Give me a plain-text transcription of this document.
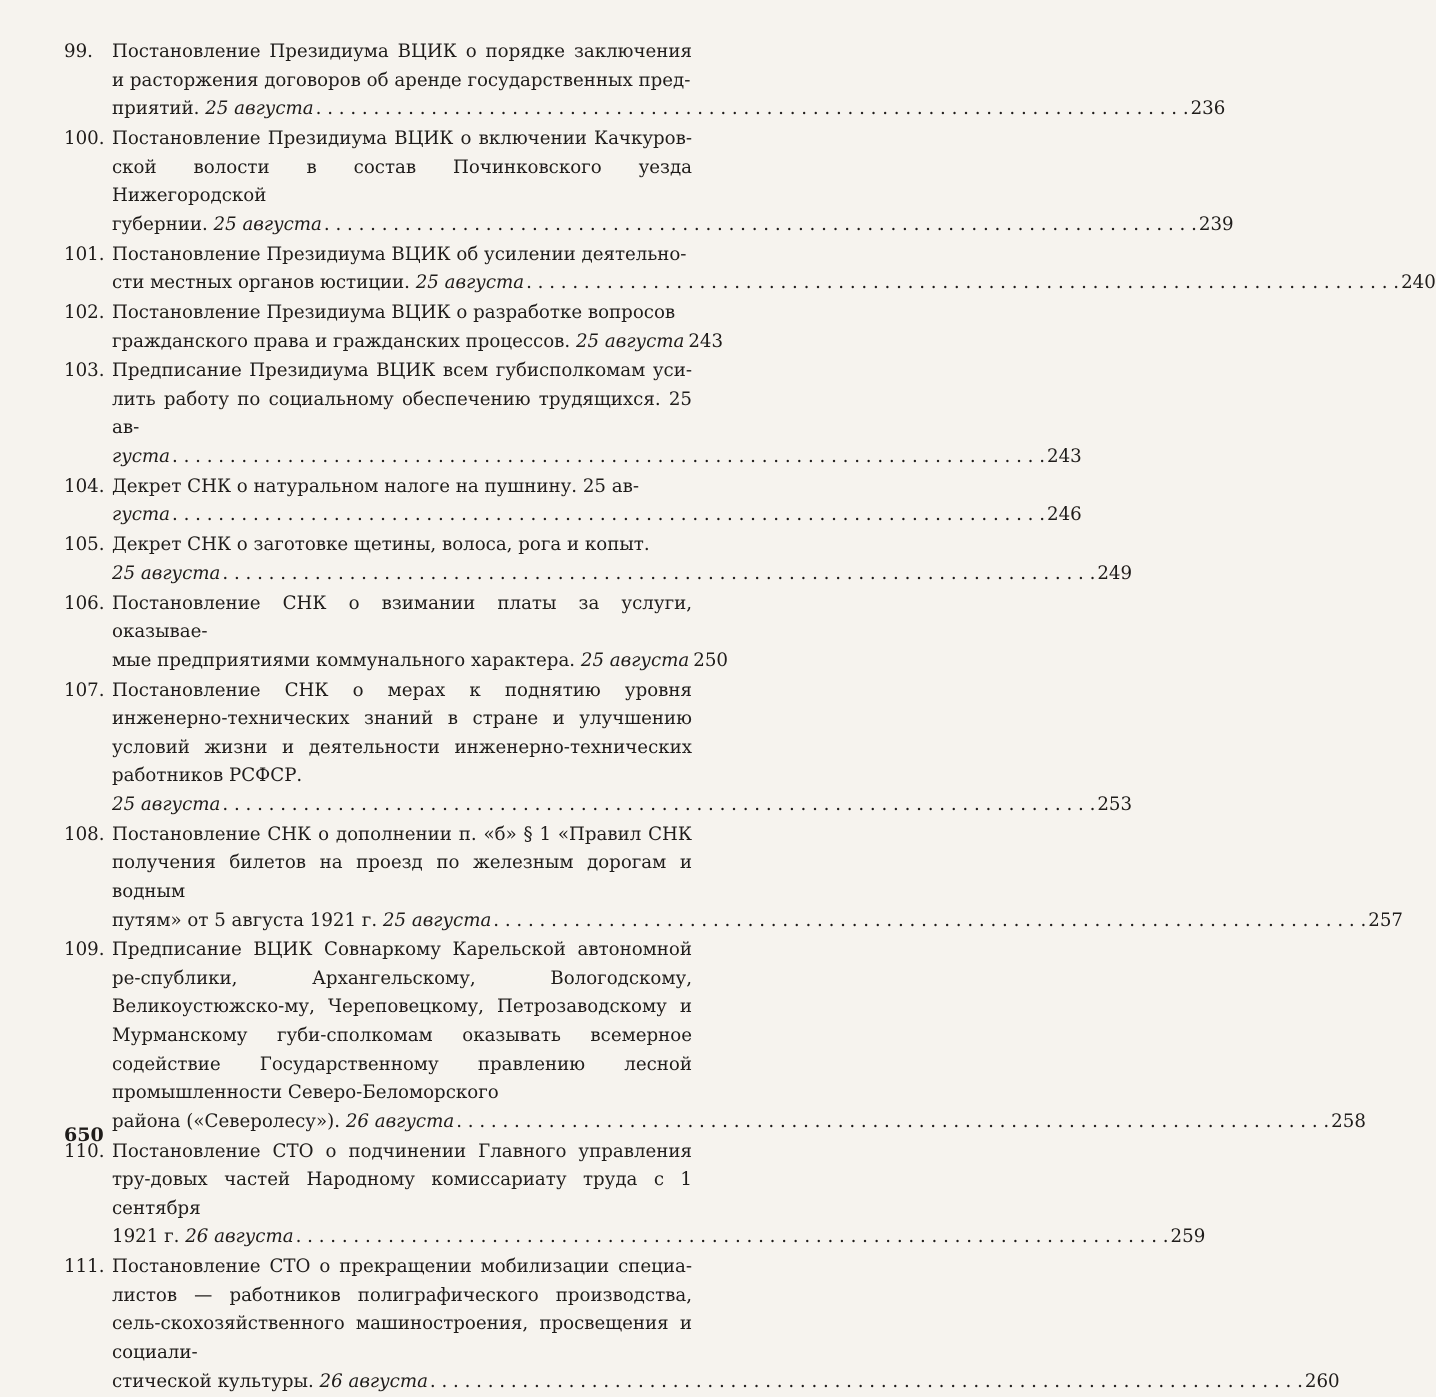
99.	Постановление Президиума ВЦИК о порядке заключения и расторжения договоров об аренде государственных пред-
приятий. 25 августа . . .	236
100. Постановление Президиума ВЦИК о включении Качкуров-ской волости в состав Починковского уезда Нижегородской
губернии. 25 августа . . .	239
101. Постановление Президиума ВЦИК об усилении деятельно-
сти местных органов юстиции. 25 августа . . .	240
102. Постановление Президиума ВЦИК о разработке вопросов
гражданского права и гражданских процессов. 25 августа 243
103. Предписание Президиума ВЦИК всем губисполкомам уси-лить работу по социальному обеспечению трудящихся. 25 ав-
густа . . .	243
104. Декрет СНК о натуральном налоге на пушнину. 25 ав-
густа . . .	246
105. Декрет СНК о заготовке щетины, волоса, рога и копыт.
25 августа . . .	249
106. Постановление СНК о взимании платы за услуги, оказывае-
мые предприятиями коммунального характера. 25 августа 250
107. Постановление СНК о мерах к поднятию уровня инженерно-технических знаний в стране и улучшению условий жизни и деятельности инженерно-технических работников РСФСР.
25 августа . . .	253
108. Постановление СНК о дополнении п. «б» § 1 «Правил СНК получения билетов на проезд по железным дорогам и водным
путям» от 5 августа 1921 г. 25 августа . . .	257
109. Предписание ВЦИК Совнаркому Карельской автономной ре-спублики, Архангельскому, Вологодскому, Великоустюжско-му, Череповецкому, Петрозаводскому и Мурманскому губи-сполкомам оказывать всемерное содействие Государственному правлению лесной промышленности Северо-Беломорского
района («Северолесу»). 26 августа . . .	258
110. Постановление СТО о подчинении Главного управления тру-довых частей Народному комиссариату труда с 1 сентября
1921 г. 26 августа . . .	259
111. Постановление СТО о прекращении мобилизации специа-листов — работников полиграфического производства, сель-скохозяйственного машиностроения, просвещения и социали-
стической культуры. 26 августа . . .	260
650
